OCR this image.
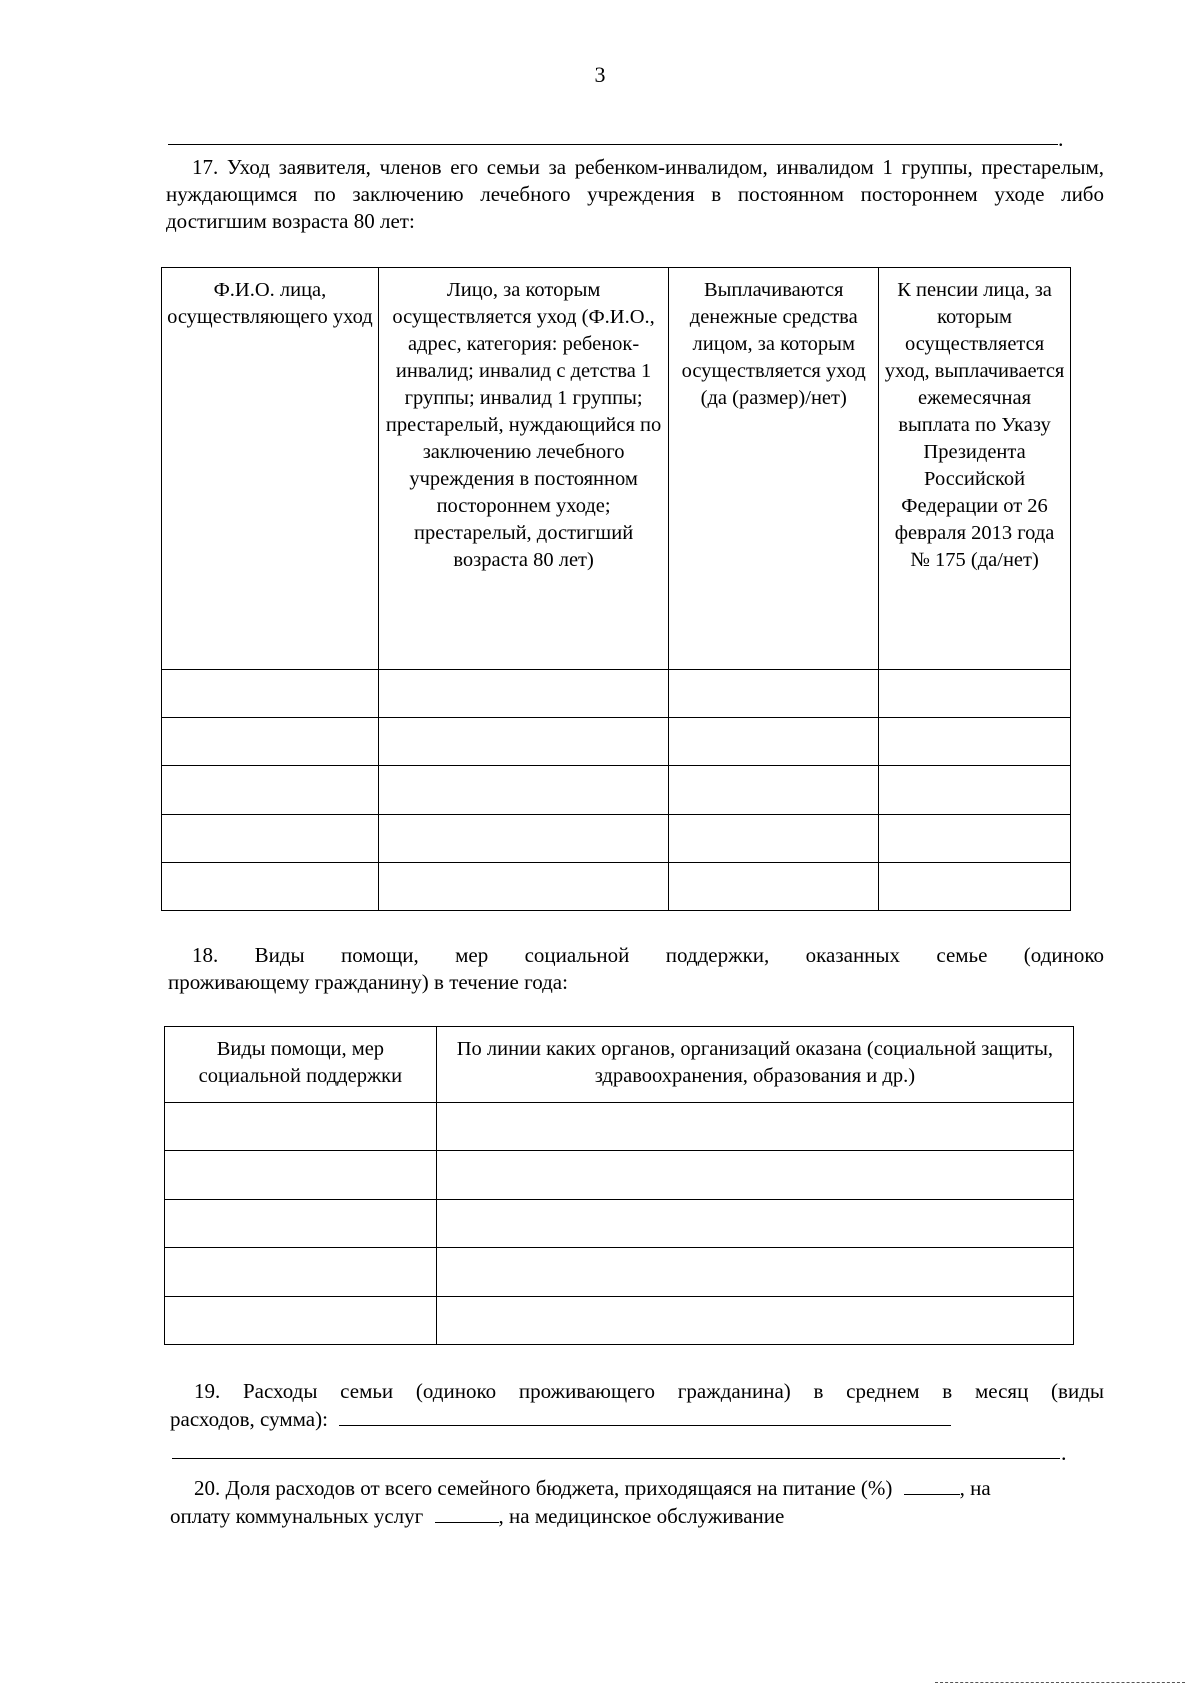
3
.
17. Уход заявителя, членов его семьи за ребенком-инвалидом, инвалидом 1 группы, престарелым, нуждающимся по заключению лечебного учреждения в постоянном постороннем уходе либо достигшим возраста 80 лет:
Ф.И.О. лица, осуществляющего уход	Лицо, за которым осуществляется уход (Ф.И.О., адрес, категория: ребенок-инвалид; инвалид с детства 1 группы; инвалид 1 группы; престарелый, нуждающийся по заключению лечебного учреждения в постоянном постороннем уходе; престарелый, достигший возраста 80 лет)	Выплачиваются денежные средства лицом, за которым осуществляется уход (да (размер)/нет)	К пенсии лица, за которым осуществляется уход, выплачивается ежемесячная выплата по Указу Президента Российской Федерации от 26 февраля 2013 года № 175 (да/нет)

18. Виды помощи, мер социальной поддержки, оказанных семье (одиноко
проживающему гражданину) в течение года:
Виды помощи, мер социальной поддержки	По линии каких органов, организаций оказана (социальной защиты, здравоохранения, образования и др.)

19. Расходы семьи (одиноко проживающего гражданина) в среднем в месяц (виды
расходов, сумма):
.
20. Доля расходов от всего семейного бюджета, приходящаяся на питание (%)	, на
оплату коммунальных услуг	, на медицинское обслуживание
